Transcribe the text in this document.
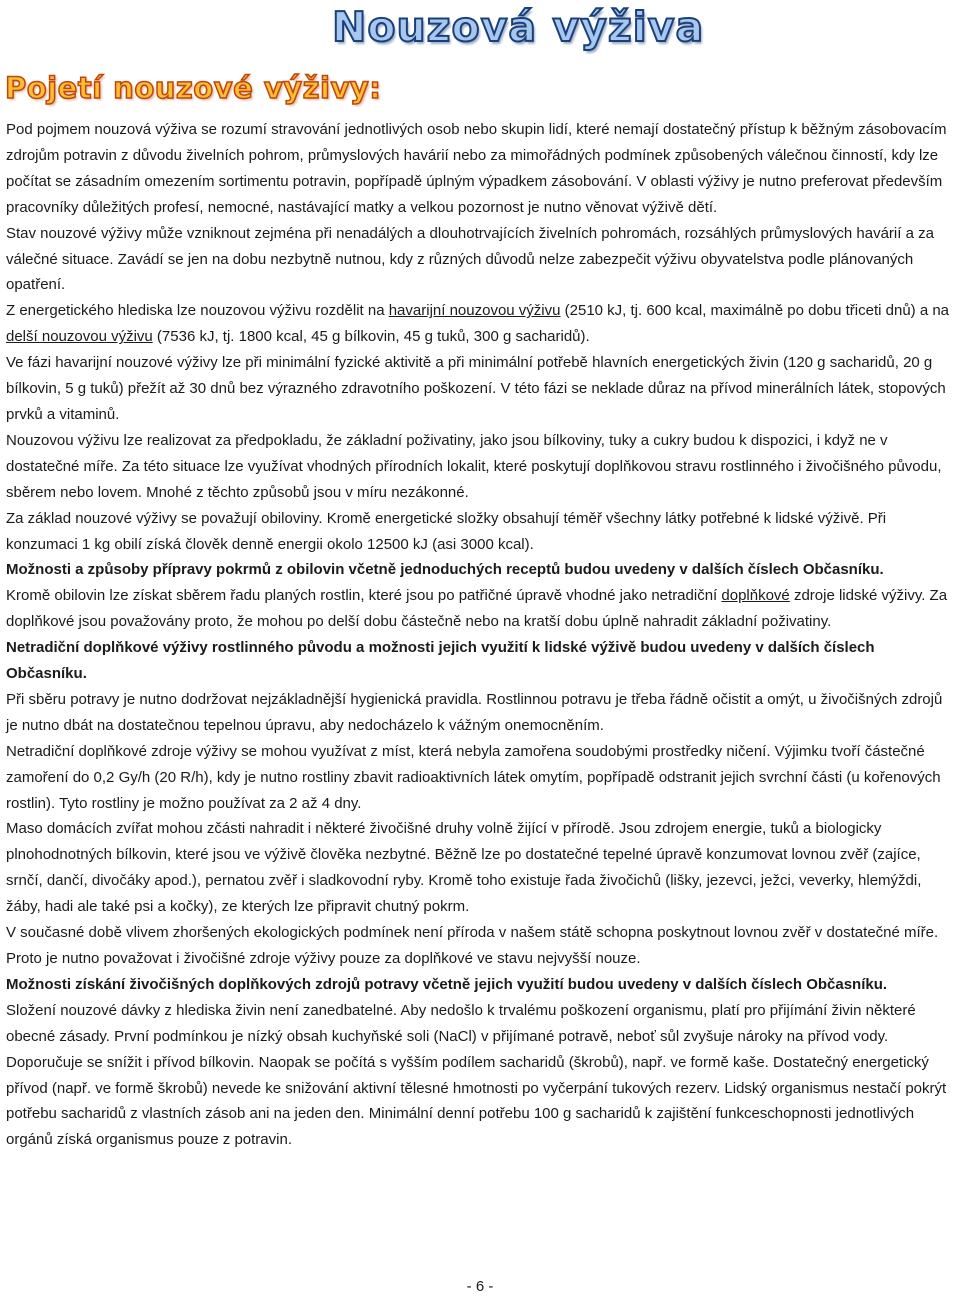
Nouzová výživa
Pojetí nouzové výživy:

Pod pojmem nouzová výživa se rozumí stravování jednotlivých osob nebo skupin lidí, které nemají dostatečný přístup k běžným zásobovacím zdrojům potravin z důvodu živelních pohrom, průmyslových havárií nebo za mimořádných podmínek způsobených válečnou činností, kdy lze počítat se zásadním omezením sortimentu potravin, popřípadě úplným výpadkem zásobování. V oblasti výživy je nutno preferovat především pracovníky důležitých profesí, nemocné, nastávající matky a velkou pozornost je nutno věnovat výživě dětí.

Stav nouzové výživy může vzniknout zejména při nenadálých a dlouhotrvajících živelních pohromách, rozsáhlých průmyslových havárií a za válečné situace. Zavádí se jen na dobu nezbytně nutnou, kdy z různých důvodů nelze zabezpečit výživu obyvatelstva podle plánovaných opatření.

Z energetického hlediska lze nouzovou výživu rozdělit na havarijní nouzovou výživu (2510 kJ, tj. 600 kcal, maximálně po dobu třiceti dnů) a na delší nouzovou výživu (7536 kJ, tj. 1800 kcal, 45 g bílkovin, 45 g tuků, 300 g sacharidů).

Ve fázi havarijní nouzové výživy lze při minimální fyzické aktivitě a při minimální potřebě hlavních energetických živin (120 g sacharidů, 20 g bílkovin, 5 g tuků) přežít až 30 dnů bez výrazného zdravotního poškození. V této fázi se neklade důraz na přívod minerálních látek, stopových prvků a vitaminů.

Nouzovou výživu lze realizovat za předpokladu, že základní poživatiny, jako jsou bílkoviny, tuky a cukry budou k dispozici, i když ne v dostatečné míře. Za této situace lze využívat vhodných přírodních lokalit, které poskytují doplňkovou stravu rostlinného i živočišného původu, sběrem nebo lovem. Mnohé z těchto způsobů jsou v míru nezákonné.

Za základ nouzové výživy se považují obiloviny. Kromě energetické složky obsahují téměř všechny látky potřebné k lidské výživě. Při konzumaci 1 kg obilí získá člověk denně energii okolo 12500 kJ (asi 3000 kcal).

Možnosti a způsoby přípravy pokrmů z obilovin včetně jednoduchých receptů budou uvedeny v dalších číslech Občasníku.

Kromě obilovin lze získat sběrem řadu planých rostlin, které jsou po patřičné úpravě vhodné jako netradiční doplňkové zdroje lidské výživy. Za doplňkové jsou považovány proto, že mohou po delší dobu částečně nebo na kratší dobu úplně nahradit základní poživatiny.

Netradiční doplňkové výživy rostlinného původu a možnosti jejich využití k lidské výživě budou uvedeny v dalších číslech Občasníku.

Při sběru potravy je nutno dodržovat nejzákladnější hygienická pravidla. Rostlinnou potravu je třeba řádně očistit a omýt, u živočišných zdrojů je nutno dbát na dostatečnou tepelnou úpravu, aby nedocházelo k vážným onemocněním.

Netradiční doplňkové zdroje výživy se mohou využívat z míst, která nebyla zamořena soudobými prostředky ničení. Výjimku tvoří částečné zamoření do 0,2 Gy/h (20 R/h), kdy je nutno rostliny zbavit radioaktivních látek omytím, popřípadě odstranit jejich svrchní části (u kořenových rostlin). Tyto rostliny je možno používat za 2 až 4 dny.

Maso domácích zvířat mohou zčásti nahradit i některé živočišné druhy volně žijící v přírodě. Jsou zdrojem energie, tuků a biologicky plnohodnotných bílkovin, které jsou ve výživě člověka nezbytné. Běžně lze po dostatečné tepelné úpravě konzumovat lovnou zvěř (zajíce, srnčí, dančí, divočáky apod.), pernatou zvěř i sladkovodní ryby. Kromě toho existuje řada živočichů (lišky, jezevci, ježci, veverky, hlemýždi, žáby, hadi ale také psi a kočky), ze kterých lze připravit chutný pokrm.

V současné době vlivem zhoršených ekologických podmínek není příroda v našem státě schopna poskytnout lovnou zvěř v dostatečné míře. Proto je nutno považovat i živočišné zdroje výživy pouze za doplňkové ve stavu nejvyšší nouze.

Možnosti získání živočišných doplňkových zdrojů potravy včetně jejich využití budou uvedeny v dalších číslech Občasníku.

Složení nouzové dávky z hlediska živin není zanedbatelné. Aby nedošlo k trvalému poškození organismu, platí pro přijímání živin některé obecné zásady. První podmínkou je nízký obsah kuchyňské soli (NaCl) v přijímané potravě, neboť sůl zvyšuje nároky na přívod vody. Doporučuje se snížit i přívod bílkovin. Naopak se počítá s vyšším podílem sacharidů (škrobů), např. ve formě kaše. Dostatečný energetický přívod (např. ve formě škrobů) nevede ke snižování aktivní tělesné hmotnosti po vyčerpání tukových rezerv. Lidský organismus nestačí pokrýt potřebu sacharidů z vlastních zásob ani na jeden den. Minimální denní potřebu 100 g sacharidů k zajištění funkceschopnosti jednotlivých orgánů získá organismus pouze z potravin.

- 6 -
